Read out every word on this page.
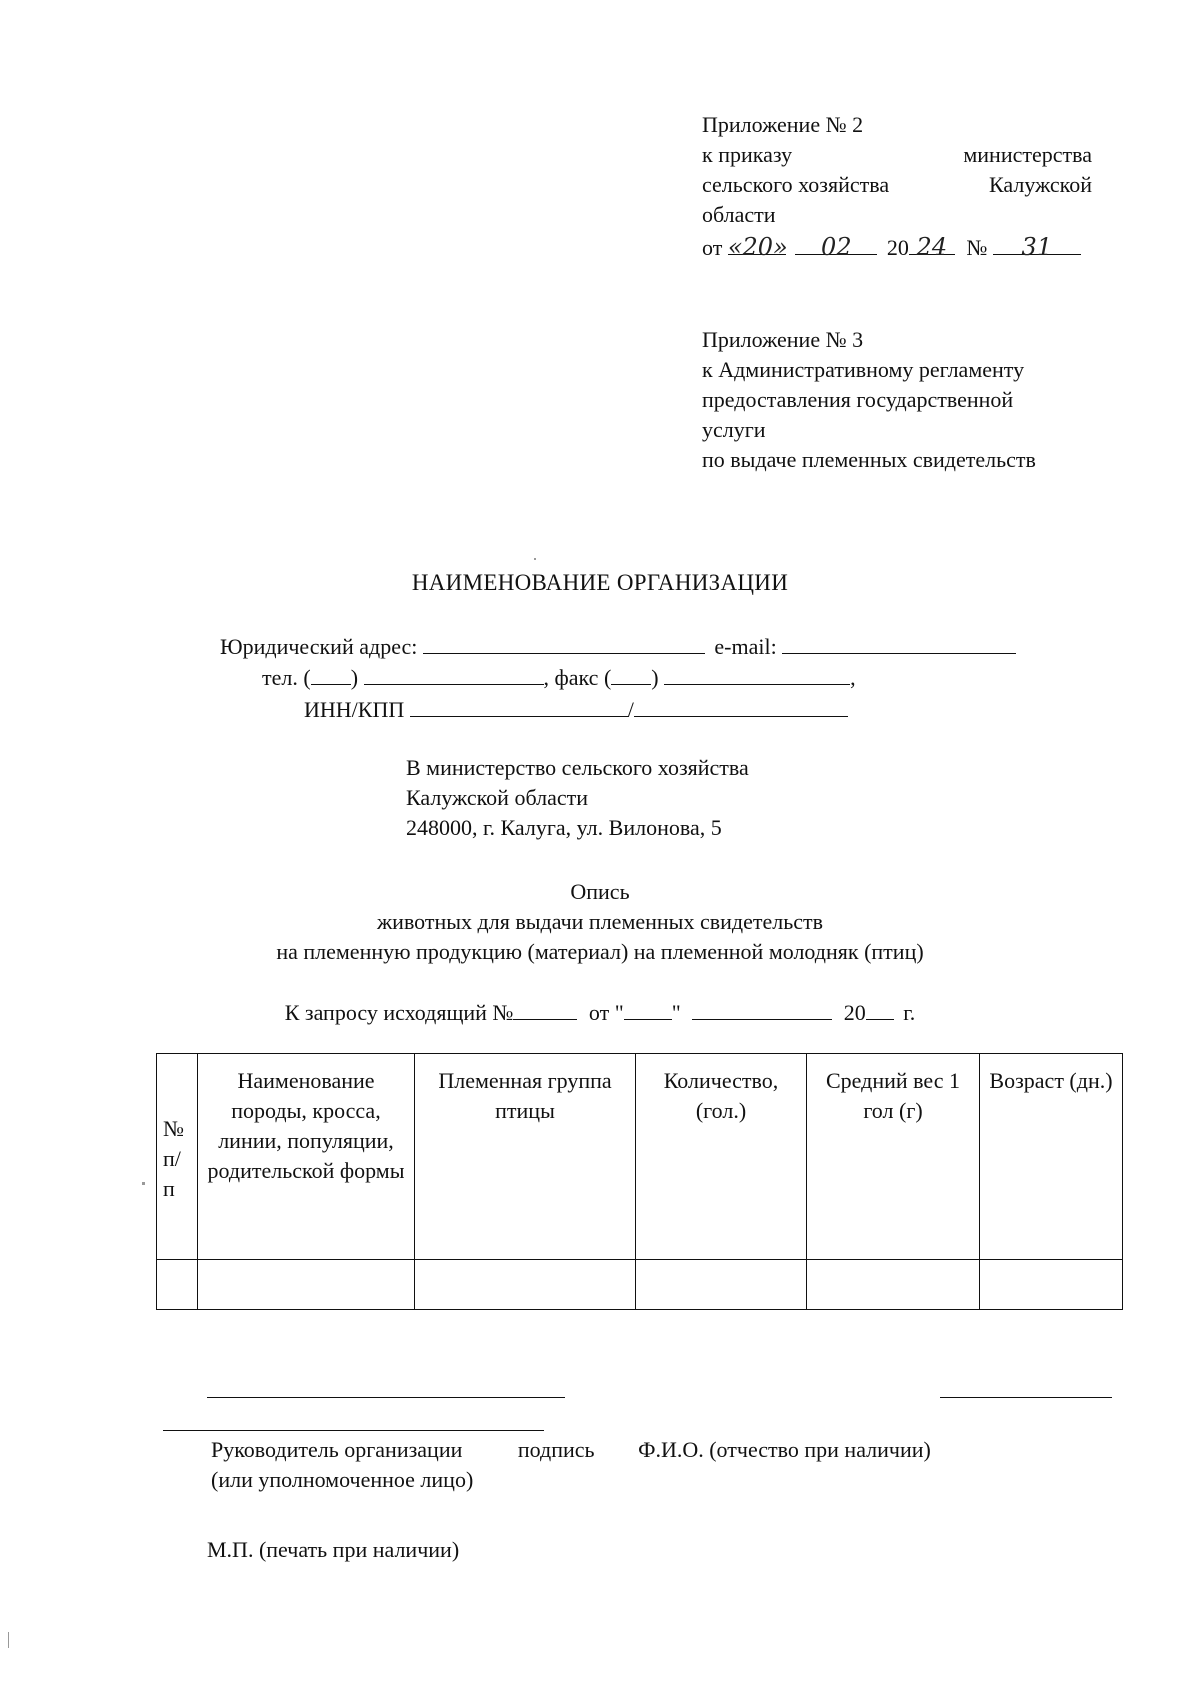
Приложение № 2
к приказу	министерства
сельского хозяйства	Калужской
области
от «20» 02 20 24 № 31
Приложение № 3
к Административному регламенту
предоставления государственной
услуги
по выдаче племенных свидетельств
НАИМЕНОВАНИЕ ОРГАНИЗАЦИИ
Юридический адрес:	e-mail:
тел. ( )	, факс ( )	,
ИНН/КПП	/
В министерство сельского хозяйства
Калужской области
248000, г. Калуга, ул. Вилонова, 5
Опись
животных для выдачи племенных свидетельств
на племенную продукцию (материал) на племенной молодняк (птиц)
К запросу исходящий №	от " "	20 г.
№ п/ п	Наименование породы, кросса, линии, популяции, родительской формы	Племенная группа птицы	Количество, (гол.)	Средний вес 1 гол (г)	Возраст (дн.)

Руководитель организации	подпись Ф.И.О. (отчество при наличии)
(или уполномоченное лицо)
М.П. (печать при наличии)
